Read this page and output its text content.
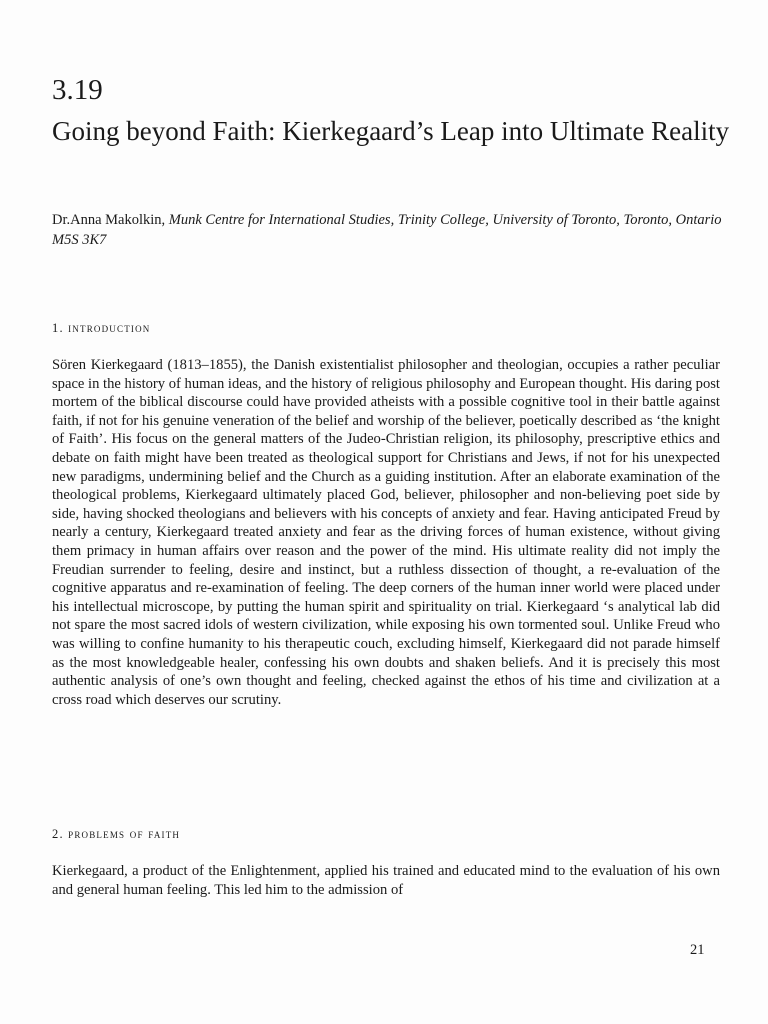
3.19
Going beyond Faith: Kierkegaard’s Leap into Ultimate Reality

Dr.Anna Makolkin, Munk Centre for International Studies, Trinity College, University of Toronto, Toronto, Ontario M5S 3K7

1. introduction

Sören Kierkegaard (1813–1855), the Danish existentialist philosopher and theologian, occupies a rather peculiar space in the history of human ideas, and the history of religious philosophy and European thought. His daring post mortem of the biblical discourse could have provided atheists with a possible cognitive tool in their battle against faith, if not for his genuine veneration of the belief and worship of the believer, poetically described as ‘the knight of Faith’. His focus on the general matters of the Judeo-Christian religion, its philosophy, prescriptive ethics and debate on faith might have been treated as theological support for Christians and Jews, if not for his unexpected new paradigms, undermining belief and the Church as a guiding institution. After an elaborate examination of the theological problems, Kierkegaard ultimately placed God, believer, philosopher and non-believing poet side by side, having shocked theologians and believers with his concepts of anxiety and fear. Having anticipated Freud by nearly a century, Kierkegaard treated anxiety and fear as the driving forces of human existence, without giving them primacy in human affairs over reason and the power of the mind. His ultimate reality did not imply the Freudian surrender to feeling, desire and instinct, but a ruthless dissection of thought, a re-evaluation of the cognitive apparatus and re-examination of feeling. The deep corners of the human inner world were placed under his intellectual microscope, by putting the human spirit and spirituality on trial. Kierkegaard ‘s analytical lab did not spare the most sacred idols of western civilization, while exposing his own tormented soul. Unlike Freud who was willing to confine humanity to his therapeutic couch, excluding himself, Kierkegaard did not parade himself as the most knowledgeable healer, confessing his own doubts and shaken beliefs. And it is precisely this most authentic analysis of one’s own thought and feeling, checked against the ethos of his time and civilization at a cross road which deserves our scrutiny.

2. problems of faith

Kierkegaard, a product of the Enlightenment, applied his trained and educated mind to the evaluation of his own and general human feeling. This led him to the admission of

21
